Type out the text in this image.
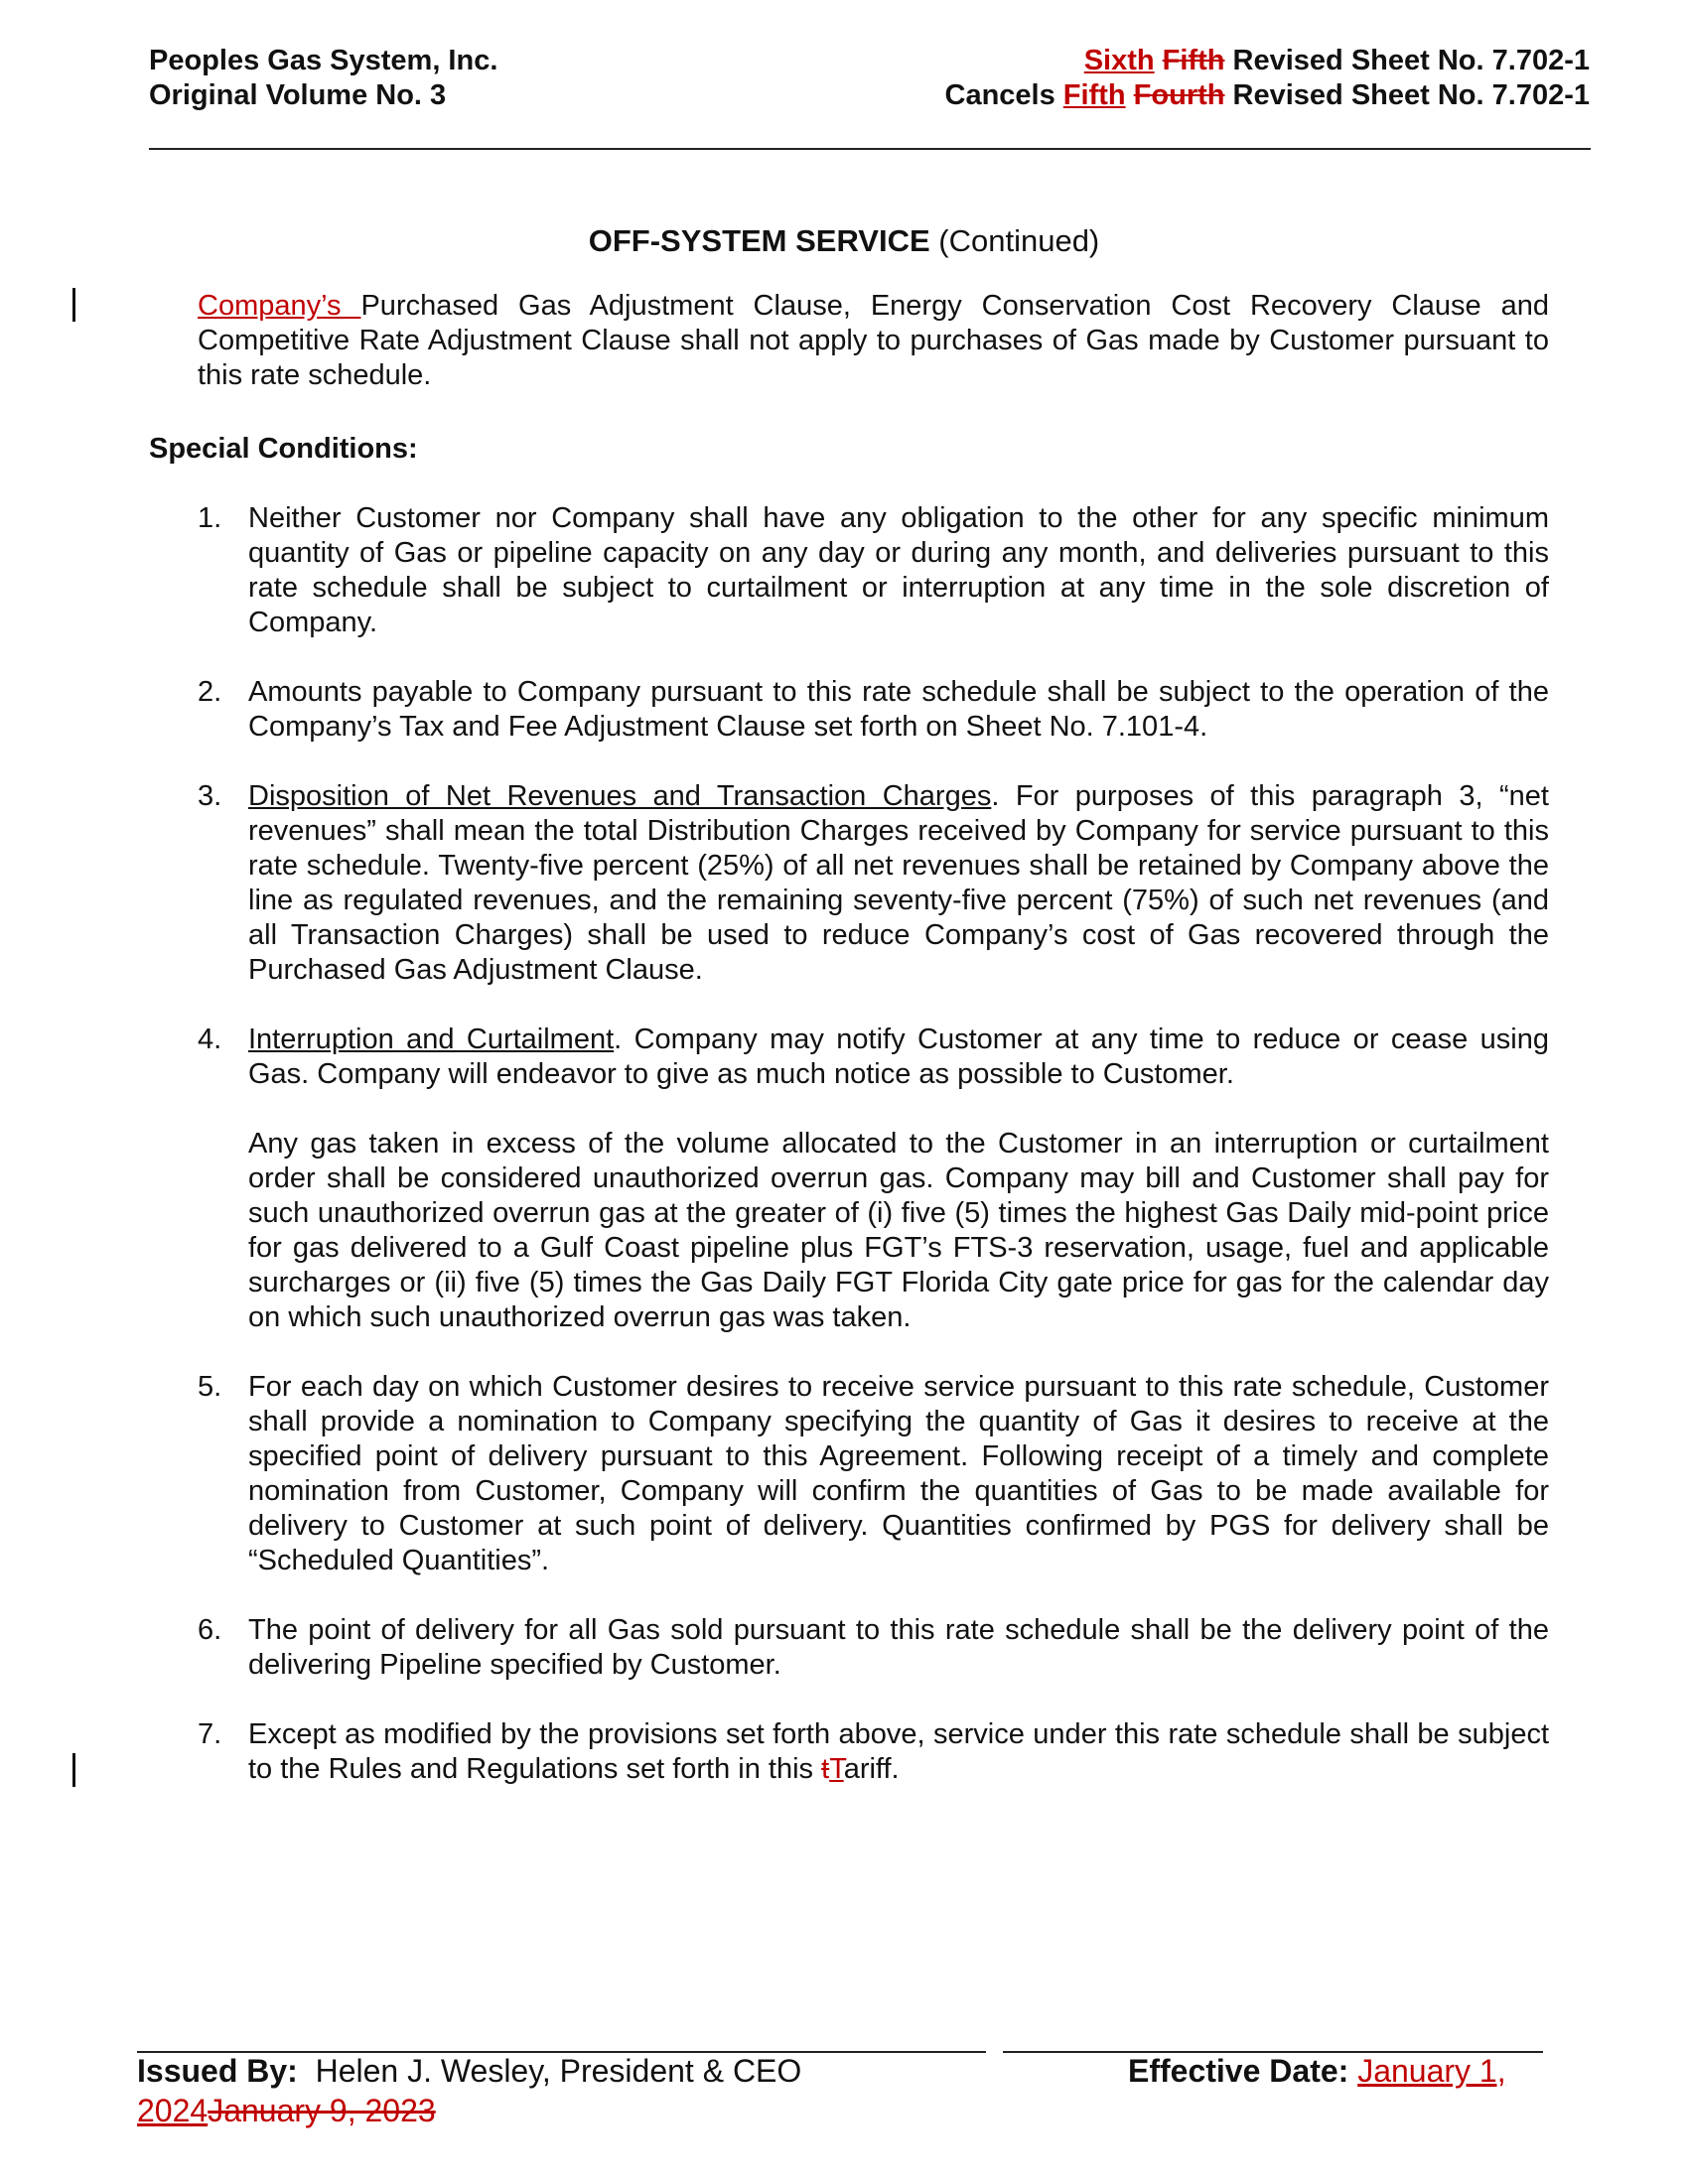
Peoples Gas System, Inc.
Original Volume No. 3
Sixth Fifth Revised Sheet No. 7.702-1
Cancels Fifth Fourth Revised Sheet No. 7.702-1
OFF-SYSTEM SERVICE (Continued)
Company’s Purchased Gas Adjustment Clause, Energy Conservation Cost Recovery Clause and Competitive Rate Adjustment Clause shall not apply to purchases of Gas made by Customer pursuant to this rate schedule.
Special Conditions:
1. Neither Customer nor Company shall have any obligation to the other for any specific minimum quantity of Gas or pipeline capacity on any day or during any month, and deliveries pursuant to this rate schedule shall be subject to curtailment or interruption at any time in the sole discretion of Company.
2. Amounts payable to Company pursuant to this rate schedule shall be subject to the operation of the Company’s Tax and Fee Adjustment Clause set forth on Sheet No. 7.101-4.
3. Disposition of Net Revenues and Transaction Charges. For purposes of this paragraph 3, “net revenues” shall mean the total Distribution Charges received by Company for service pursuant to this rate schedule. Twenty-five percent (25%) of all net revenues shall be retained by Company above the line as regulated revenues, and the remaining seventy-five percent (75%) of such net revenues (and all Transaction Charges) shall be used to reduce Company’s cost of Gas recovered through the Purchased Gas Adjustment Clause.
4. Interruption and Curtailment. Company may notify Customer at any time to reduce or cease using Gas. Company will endeavor to give as much notice as possible to Customer.
Any gas taken in excess of the volume allocated to the Customer in an interruption or curtailment order shall be considered unauthorized overrun gas. Company may bill and Customer shall pay for such unauthorized overrun gas at the greater of (i) five (5) times the highest Gas Daily mid-point price for gas delivered to a Gulf Coast pipeline plus FGT’s FTS-3 reservation, usage, fuel and applicable surcharges or (ii) five (5) times the Gas Daily FGT Florida City gate price for gas for the calendar day on which such unauthorized overrun gas was taken.
5. For each day on which Customer desires to receive service pursuant to this rate schedule, Customer shall provide a nomination to Company specifying the quantity of Gas it desires to receive at the specified point of delivery pursuant to this Agreement. Following receipt of a timely and complete nomination from Customer, Company will confirm the quantities of Gas to be made available for delivery to Customer at such point of delivery. Quantities confirmed by PGS for delivery shall be “Scheduled Quantities”.
6. The point of delivery for all Gas sold pursuant to this rate schedule shall be the delivery point of the delivering Pipeline specified by Customer.
7. Except as modified by the provisions set forth above, service under this rate schedule shall be subject to the Rules and Regulations set forth in this tTariff.
Issued By: Helen J. Wesley, President & CEO	Effective Date: January 1,
2024January 9, 2023
